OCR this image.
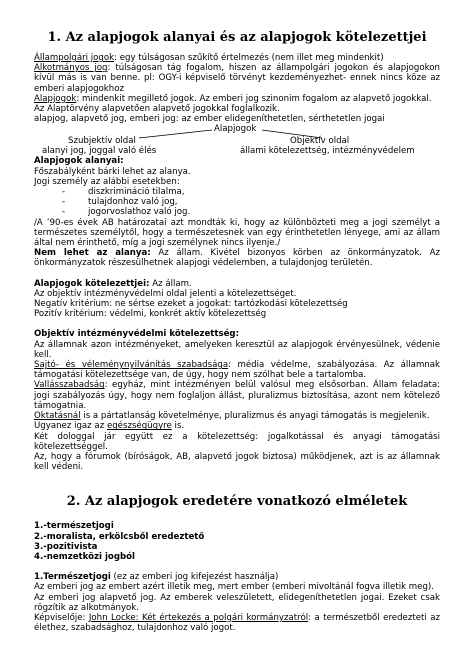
1. Az alapjogok alanyai és az alapjogok kötelezettjei

Állampolgári jogok: egy túlságosan szűkítő értelmezés (nem illet meg mindenkit)

Alkotmányos jog: túlságosan tág fogalom, hiszen az állampolgári jogokon és alapjogokon kívül más is van benne. pl: OGY-i képviselő törvényt kezdeményezhet- ennek nincs köze az emberi alapjogokhoz

Alapjogok: mindenkit megillető jogok. Az emberi jog szinonim fogalom az alapvető jogokkal.

Az Alaptörvény alapvetően alapvető jogokkal foglalkozik.

alapjog, alapvető jog, emberi jog: az ember elidegeníthetetlen, sérthetetlen jogai

Alapjogok
Szubjektív oldal	Objektív oldal
alanyi jog, joggal való élés	állami kötelezettség, intézményvédelem

Alapjogok alanyai:

Főszabályként bárki lehet az alanya.

Jogi személy az alábbi esetekben:

- diszkrimináció tilalma,
- tulajdonhoz való jog,
- jogorvoslathoz való jog.

/A ’90-es évek AB határozatai azt mondták ki, hogy az különbözteti meg a jogi személyt a természetes személytől, hogy a természetesnek van egy érinthetetlen lényege, ami az állam által nem érinthető, míg a jogi személynek nincs ilyenje./

Nem lehet az alanya: Az állam. Kivétel bizonyos körben az önkormányzatok. Az önkormányzatok részesülhetnek alapjogi védelemben, a tulajdonjog területén.

Alapjogok kötelezettjei: Az állam.

Az objektív intézményvédelmi oldal jelenti a kötelezettséget.

Negatív kritérium: ne sértse ezeket a jogokat: tartózkodási kötelezettség

Pozitív kritérium: védelmi, konkrét aktív kötelezettség

Objektív intézményvédelmi kötelezettség:

Az államnak azon intézményeket, amelyeken keresztül az alapjogok érvényesülnek, védenie kell.

Sajtó- és véleménynyilvánítás szabadsága: média védelme, szabályozása. Az államnak támogatási kötelezettsége van, de úgy, hogy nem szólhat bele a tartalomba.

Vallásszabadság: egyház, mint intézményen belül valósul meg elsősorban. Állam feladata: jogi szabályozás úgy, hogy nem foglaljon állást, pluralizmus biztosítása, azont nem kötelező támogatnia.

Oktatásnál is a pártatlanság követelménye, pluralizmus és anyagi támogatás is megjelenik.

Ugyanez igaz az egészségügyre is.

Két dologgal jár együtt ez a kötelezettség: jogalkotással és anyagi támogatási kötelezettséggel.

Az, hogy a fórumok (bíróságok, AB, alapvető jogok biztosa) működjenek, azt is az államnak kell védeni.

2. Az alapjogok eredetére vonatkozó elméletek

1.-természetjogi

2.-moralista, erkölcsből eredeztető

3.-pozitivista

4.-nemzetközi jogból

1.Természetjogi (ez az emberi jog kifejezést használja)

Az emberi jog az embert azért illetik meg, mert ember (emberi mivoltánál fogva illetik meg).

Az emberi jog alapvető jog. Az emberek veleszületett, elidegeníthetetlen jogai. Ezeket csak rögzítik az alkotmányok.

Képviselője: John Locke: Két értekezés a polgári kormányzatról: a természetből eredezteti az élethez, szabadsághoz, tulajdonhoz való jogot.
